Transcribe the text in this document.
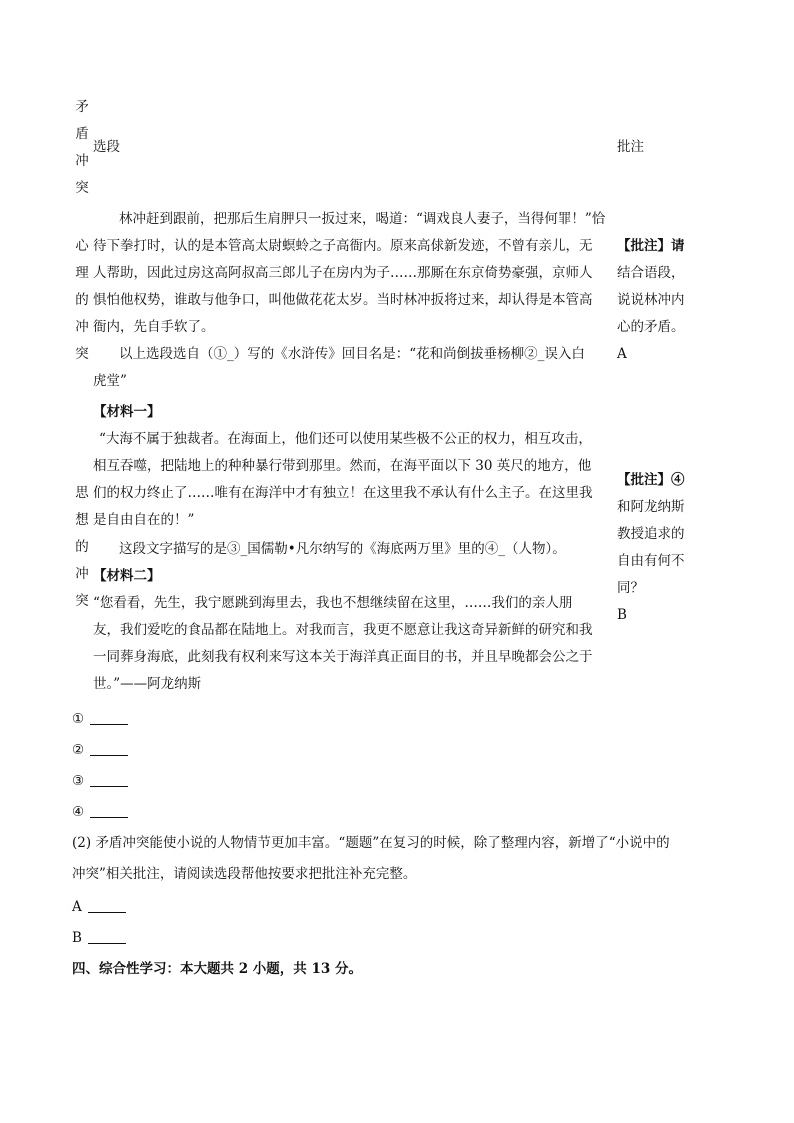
矛
盾
冲
突
选段	批注
心
理
的
冲
突
林冲赶到跟前，把那后生肩胛只一扳过来，喝道：“调戏良人妻子，当得何罪！”恰
待下拳打时，认的是本管高太尉螟蛉之子高衙内。原来高俅新发迹，不曾有亲儿，无
人帮助，因此过房这高阿叔高三郎儿子在房内为子……那厮在东京倚势豪强，京师人
惧怕他权势，谁敢与他争口，叫他做花花太岁。当时林冲扳将过来，却认得是本管高
衙内，先自手软了。
以上选段选自（①_）写的《水浒传》回目名是：“花和尚倒拔垂杨柳②_误入白
虎堂”
【批注】请
结合语段，
说说林冲内
心的矛盾。
A
思
想
的
冲
突
【材料一】
“大海不属于独裁者。在海面上，他们还可以使用某些极不公正的权力，相互攻击，
相互吞噬，把陆地上的种种暴行带到那里。然而，在海平面以下 30 英尺的地方，他
们的权力终止了……唯有在海洋中才有独立！在这里我不承认有什么主子。在这里我
是自由自在的！”
这段文字描写的是③_国儒勒•凡尔纳写的《海底两万里》里的④_（人物）。
【材料二】
“您看看，先生，我宁愿跳到海里去，我也不想继续留在这里，……我们的亲人朋
友，我们爱吃的食品都在陆地上。对我而言，我更不愿意让我这奇异新鲜的研究和我
一同葬身海底，此刻我有权利来写这本关于海洋真正面目的书，并且早晚都会公之于
世。”——阿龙纳斯
【批注】④
和阿龙纳斯
教授追求的
自由有何不
同？
B
①
②
③
④
(2) 矛盾冲突能使小说的人物情节更加丰富。“题题”在复习的时候，除了整理内容，新增了“小说中的
冲突”相关批注，请阅读选段帮他按要求把批注补充完整。
A
B
四、综合性学习：本大题共 2 小题，共 13 分。
